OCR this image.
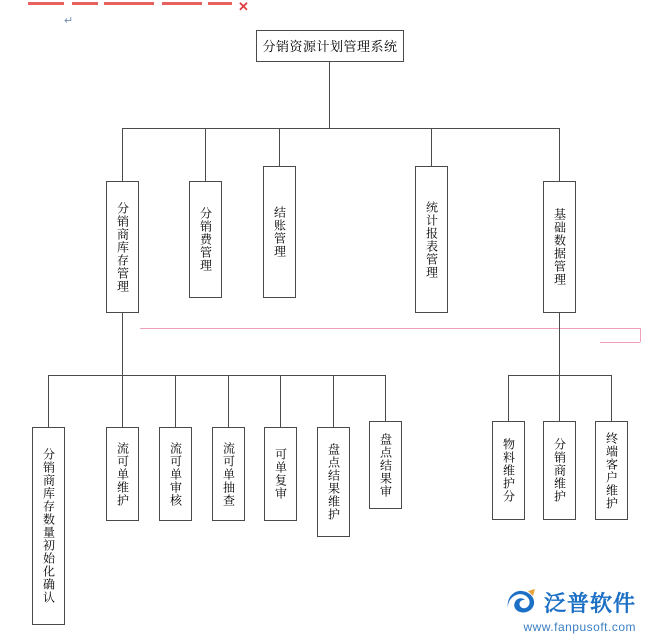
✕
↵
分销资源计划管理系统
分销商库存管理	分销费管理	结账管理	统计报表管理	基础数据管理
分销商库存数量初始化确认	流可单维护	流可单审核	流可单抽查	可单复审	盘点结果维护	盘点结果审	物料维护分	分销商维护	终端客户维护
泛普软件
www.fanpusoft.com
